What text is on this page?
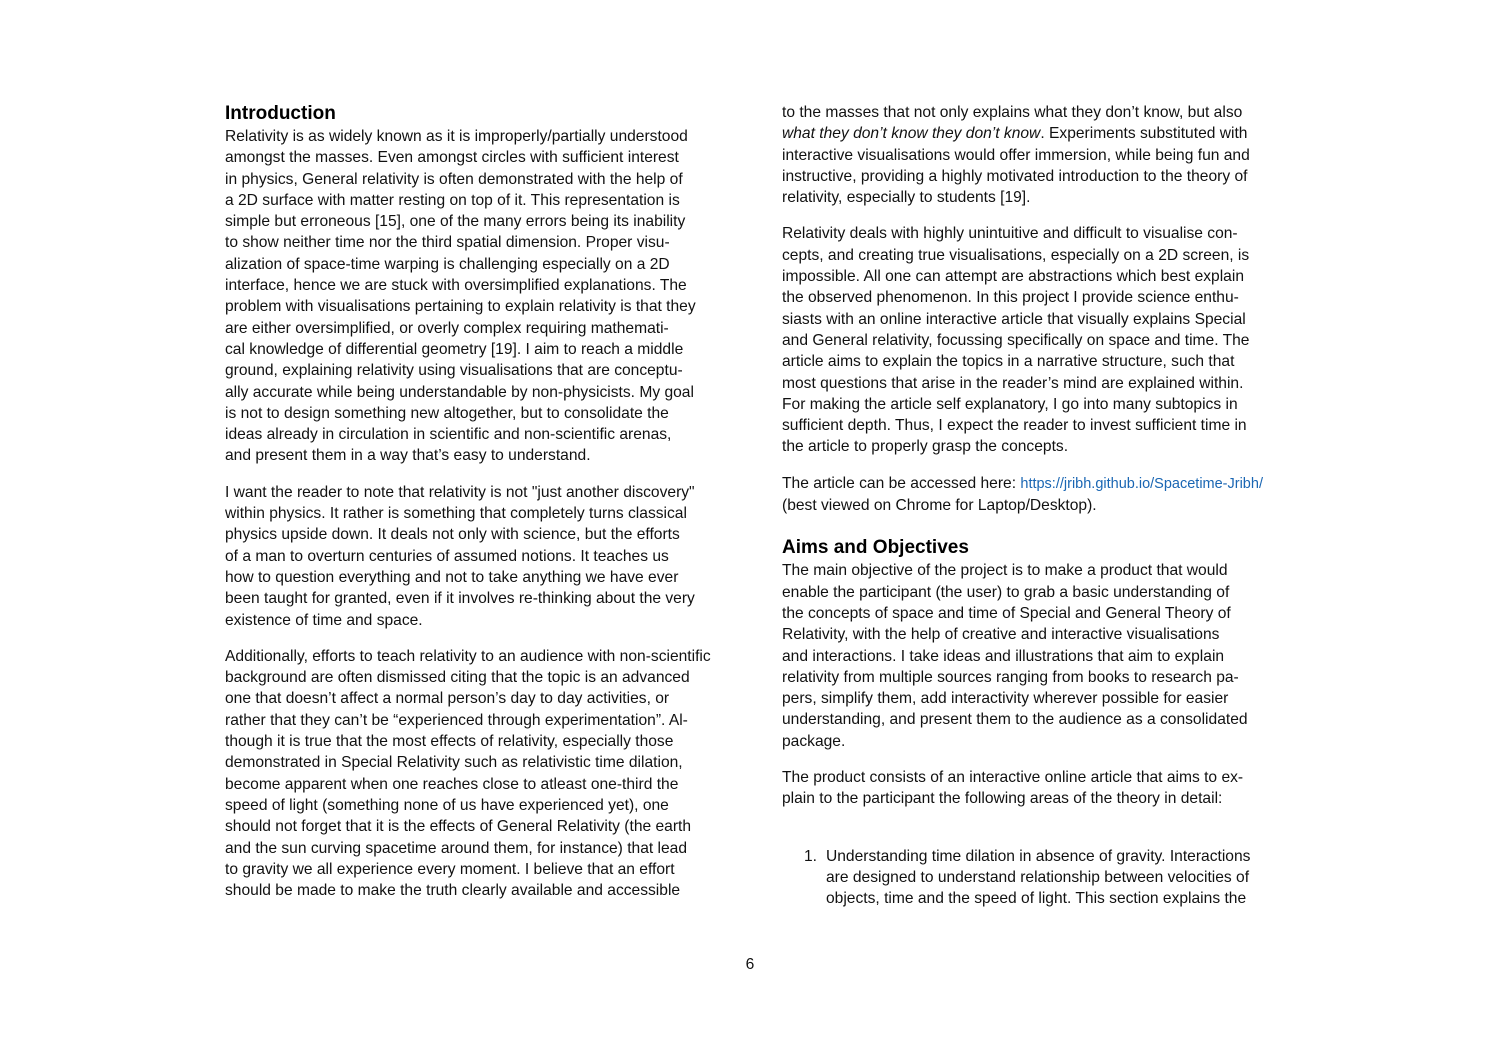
Introduction
Relativity is as widely known as it is improperly/partially understood
amongst the masses. Even amongst circles with sufficient interest
in physics, General relativity is often demonstrated with the help of
a 2D surface with matter resting on top of it. This representation is
simple but erroneous [15], one of the many errors being its inability
to show neither time nor the third spatial dimension. Proper visu-
alization of space-time warping is challenging especially on a 2D
interface, hence we are stuck with oversimplified explanations. The
problem with visualisations pertaining to explain relativity is that they
are either oversimplified, or overly complex requiring mathemati-
cal knowledge of differential geometry [19]. I aim to reach a middle
ground, explaining relativity using visualisations that are conceptu-
ally accurate while being understandable by non-physicists. My goal
is not to design something new altogether, but to consolidate the
ideas already in circulation in scientific and non-scientific arenas,
and present them in a way that’s easy to understand.
I want the reader to note that relativity is not "just another discovery"
within physics. It rather is something that completely turns classical
physics upside down. It deals not only with science, but the efforts
of a man to overturn centuries of assumed notions. It teaches us
how to question everything and not to take anything we have ever
been taught for granted, even if it involves re-thinking about the very
existence of time and space.
Additionally, efforts to teach relativity to an audience with non-scientific
background are often dismissed citing that the topic is an advanced
one that doesn’t affect a normal person’s day to day activities, or
rather that they can’t be “experienced through experimentation”. Al-
though it is true that the most effects of relativity, especially those
demonstrated in Special Relativity such as relativistic time dilation,
become apparent when one reaches close to atleast one-third the
speed of light (something none of us have experienced yet), one
should not forget that it is the effects of General Relativity (the earth
and the sun curving spacetime around them, for instance) that lead
to gravity we all experience every moment. I believe that an effort
should be made to make the truth clearly available and accessible
to the masses that not only explains what they don’t know, but also
what they don’t know they don’t know. Experiments substituted with
interactive visualisations would offer immersion, while being fun and
instructive, providing a highly motivated introduction to the theory of
relativity, especially to students [19].
Relativity deals with highly unintuitive and difficult to visualise con-
cepts, and creating true visualisations, especially on a 2D screen, is
impossible. All one can attempt are abstractions which best explain
the observed phenomenon. In this project I provide science enthu-
siasts with an online interactive article that visually explains Special
and General relativity, focussing specifically on space and time. The
article aims to explain the topics in a narrative structure, such that
most questions that arise in the reader’s mind are explained within.
For making the article self explanatory, I go into many subtopics in
sufficient depth. Thus, I expect the reader to invest sufficient time in
the article to properly grasp the concepts.
The article can be accessed here: https://jribh.github.io/Spacetime-Jribh/
(best viewed on Chrome for Laptop/Desktop).
Aims and Objectives
The main objective of the project is to make a product that would
enable the participant (the user) to grab a basic understanding of
the concepts of space and time of Special and General Theory of
Relativity, with the help of creative and interactive visualisations
and interactions. I take ideas and illustrations that aim to explain
relativity from multiple sources ranging from books to research pa-
pers, simplify them, add interactivity wherever possible for easier
understanding, and present them to the audience as a consolidated
package.
The product consists of an interactive online article that aims to ex-
plain to the participant the following areas of the theory in detail:
1. Understanding time dilation in absence of gravity. Interactions
are designed to understand relationship between velocities of
objects, time and the speed of light. This section explains the
6
